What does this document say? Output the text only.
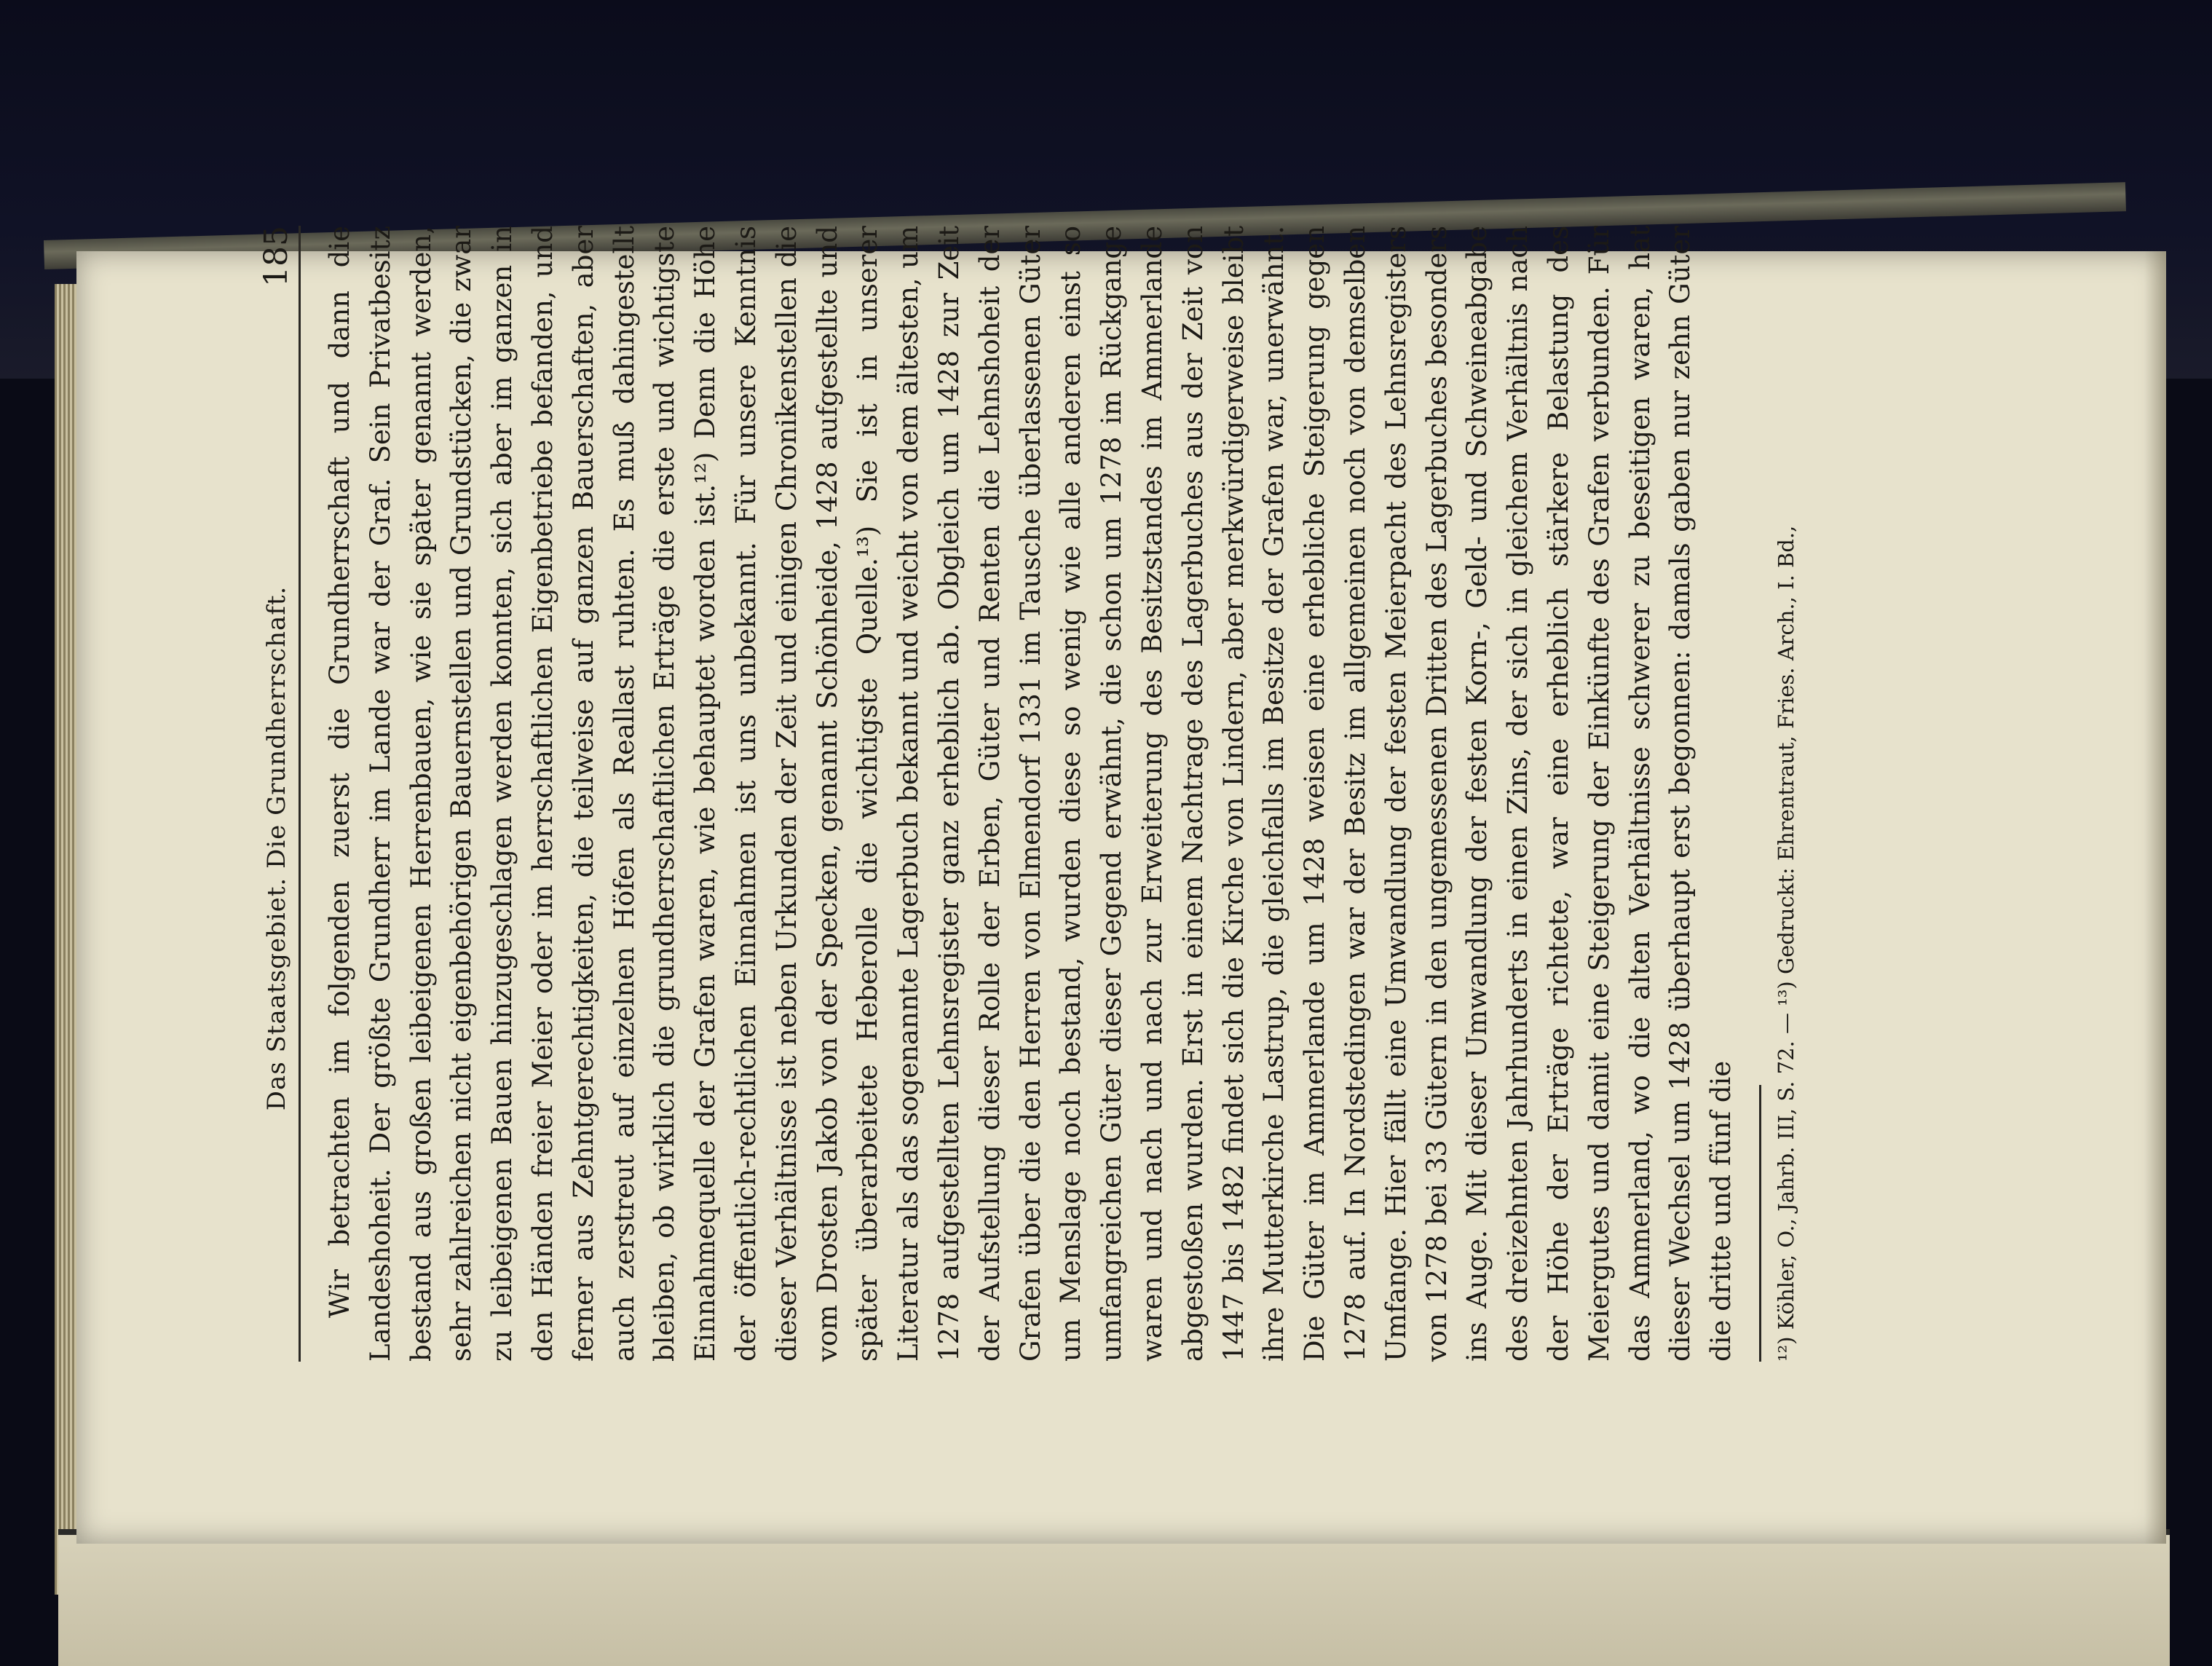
Das Staatsgebiet. Die Grundherrschaft.
185 Wir betrachten im folgenden zuerst die Grundherrschaft und dann die Landeshoheit. Der größte Grundherr im Lande war der Graf. Sein Privatbesitz bestand aus großen leibeigenen Herrenbauen, wie sie später genannt werden, sehr zahlreichen nicht eigenbehörigen Bauernstellen und Grundstücken, die zwar zu leibeigenen Bauen hinzugeschlagen werden konnten, sich aber im ganzen in den Händen freier Meier oder im herrschaftlichen Eigenbetriebe befanden, und ferner aus Zehntgerechtigkeiten, die teilweise auf ganzen Bauerschaften, aber auch zerstreut auf einzelnen Höfen als Reallast ruhten. Es muß dahingestellt bleiben, ob wirklich die grundherrschaftlichen Erträge die erste und wichtigste Einnahmequelle der Grafen waren, wie behauptet worden ist.¹²) Denn die Höhe der öffentlich-rechtlichen Einnahmen ist uns unbekannt. Für unsere Kenntnis dieser Verhältnisse ist neben Urkunden der Zeit und einigen Chronikenstellen die vom Drosten Jakob von der Specken, genannt Schönheide, 1428 aufgestellte und später überarbeitete Heberolle die wichtigste Quelle.¹³) Sie ist in unserer Literatur als das sogenannte Lagerbuch bekannt und weicht von dem ältesten, um 1278 aufgestellten Lehnsregister ganz erheblich ab. Obgleich um 1428 zur Zeit der Aufstellung dieser Rolle der Erben, Güter und Renten die Lehnshoheit der Grafen über die den Herren von Elmendorf 1331 im Tausche überlassenen Güter um Menslage noch bestand, wurden diese so wenig wie alle anderen einst so umfangreichen Güter dieser Gegend erwähnt, die schon um 1278 im Rückgange waren und nach und nach zur Erweiterung des Besitzstandes im Ammerlande abgestoßen wurden. Erst in einem Nachtrage des Lagerbuches aus der Zeit von 1447 bis 1482 findet sich die Kirche von Lindern, aber merkwürdigerweise bleibt ihre Mutterkirche Lastrup, die gleichfalls im Besitze der Grafen war, unerwähnt. Die Güter im Ammerlande um 1428 weisen eine erhebliche Steigerung gegen 1278 auf. In Nordstedingen war der Besitz im allgemeinen noch von demselben Umfange. Hier fällt eine Umwandlung der festen Meierpacht des Lehnsregisters von 1278 bei 33 Gütern in den ungemessenen Dritten des Lagerbuches besonders ins Auge. Mit dieser Umwandlung der festen Korn-, Geld- und Schweineabgabe des dreizehnten Jahrhunderts in einen Zins, der sich in gleichem Verhältnis nach der Höhe der Erträge richtete, war eine erheblich stärkere Belastung des Meiergutes und damit eine Steigerung der Einkünfte des Grafen verbunden. Für das Ammerland, wo die alten Verhältnisse schwerer zu beseitigen waren, hat dieser Wechsel um 1428 überhaupt erst begonnen: damals gaben nur zehn Güter die dritte und fünf die ¹²) Köhler, O., Jahrb. III, S. 72. — ¹³) Gedruckt: Ehrentraut, Fries. Arch., I. Bd.,
